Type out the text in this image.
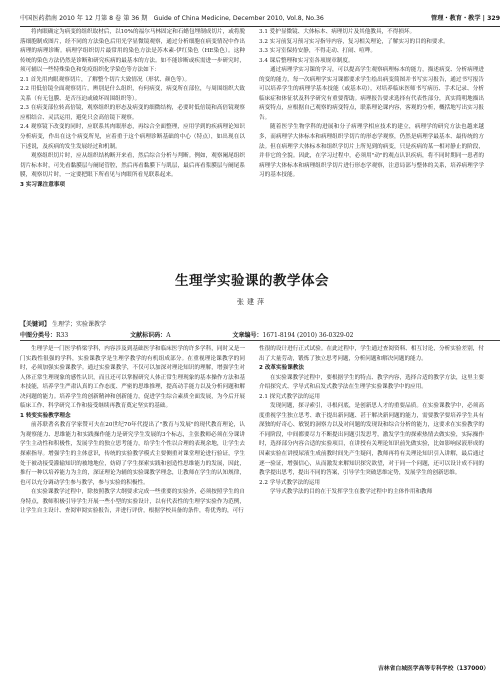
中国医药指南 2010 年 12 月第 8 卷 第 36 期　Guide of China Medicine, December 2010, Vol.8, No.36	管理・教育・教学 | 329

将肉眼确定为病变的组织取材后，以10%的福尔马林固定和石蜡包埋制成切片，或将脱落细胞制成图片，经不同的方法染色后用光学显微镜观察，通过分析细胞在病变情况中作出病理的病理诊断。病理学组织切片最常用的染色方法是苏木素-伊红染色（HE染色）。这种传统的染色方法仍然是诊断和研究疾病的最基本的方法。如不能诊断或疾需进一步研究时，须可辅以一些特殊染色和免疫组织化学染色等方法如下：

2.1 首先用肉眼观察切片，了解整个切片大致情况（形状、颜色等）。

2.2 用低倍镜全面观察切片，辨别是什么组织，有何病变，病变所在部位，与周围组织大致关系（有无包膜、是否压迫或破坏周围组织等）。

2.3 在病变部位转高倍镜，观察组织的形态及病变的细微结构，必要时低倍镜和高倍镜观察应相结合、灵活运用，避免只会高倍镜下观察。

2.4 观察镜下改变的同时，应联系其肉眼形态，再综合全面整理，应用学到的疾病理论知识分析病变，作出在这个病变所见，应着重于这个病理诊断基础的中心（特点），如出现在以下述说，及疾病的发生发展经过和机制。

观察组织切片时，应从组织结构断开来看，然后综合分析与判断。例如，观察阑尾组织切片标本时，可先看黏膜层与阑尾管腔，然后再看黏膜下与肌层，最后再看浆膜层与阑尾系膜，观察切片时，一定要把眼下所看见与肉眼所看见联系起来。

3 实习课注意事项

3.1 爱护显微镜、大体标本、病理切片及其他教具，不得损坏。

3.2 实习前复习预习实习指导内容，复习相关理论，了解实习的目的和要求。

3.3 实习室保持安静，不得走动、打闹、喧哗。

3.4 课后整理和实习室各项规章制度。

通过病理学实习课的学习，可以提高学生观察病理标本的能力，描述病变、分析病理进的变的能力，每一次病理学实习课都要求学生绘出病变简图并书写实习报告，通过书写报告可以培养学生的病理学基本技能（或基本功），对培养临床医师书写病历、手术记录、分析临床症和体征状及科学研究有重要帮助。病理报告要求选择有代表性部分，真实简明地描出病变特点，应根据自己观察的病变特点，联系理论课内容，客观的分析，概括地写出实习报告。

随着医学生物学科的进展和分子病理学相应技术的建立，病理学的研究方法也越来越多，而病理学大体标本和病理组织学切片的形态学观察，仍然是病理学最基本、最传统的方法。但在病理学大体标本和组织学切片上所见到的病变，只是疾病的某一相对静止的阶段，并非它的全貌。因此，在学习过程中，必须用"动"的观点认识疾病，将不同时期同一患者的病理学大体标本和病理组织学切片进行形态学观察，注意局部与整体的关系，培养病理学学习的基本技能。

生理学实验课的教学体会
张建萍
【关键词】 生理学；实验课教学
中图分类号：R33	文献标识码：A	文章编号：1671-8194 (2010) 36-0329-02

生理学是一门医学桥梁学科，内容涉及到基础医学和临床医学的许多学科，同时又是一门实践性很强的学科，实验课教学是生理学教学的有机组成部分。在重视理论课教学的同时，必须加强实验课教学。通过实验课教学，不仅可以加深对理论知识的理解，增强学生对人体正常生理现象的感性认识，而且还可以掌握研究人体正常生理现象的基本操作方法和基本技能，培养学生严肃认真的工作态度、严密的思维推理，提高动手能力以及分析问题和解决问题的能力。培养学生的创新精神和创新能力，促进学生综合素质全面发展，为今后开展临床工作、科学研究工作和接受继续再教育奠定坚实的基础。

1 转变实验教学理念

前苏联著名教育学家赞可夫在20世纪70年代提出了"教育与发展"的现代教育理论，认为观察能力、思维能力和实践操作能力是研究学生发展的3个标志，主张教师必须在分课讲学生主动性和积极性，发展学生的独立思考能力，给学生个性以合理的表现余地，让学生去探索指导。增强学生的主体意识，传统的实验教学模式主要侧重对课堂理论进行验证，学生处于被动接受灌输知识的被地地位，妨碍了学生探索实践和创造性思维能力的发展，因此，推行一种以培养能力为主的，深证理论为辅的实验课教学理念，让教师在学生的认知规律，也可以充分调动学生参与教学，参与实验的积极性。

在实验课教学过程中，除按照教学大纲要求完成一些重要的实验外，必须按照学生的自身特点，教师积极引导学生开展一些小型的实验设计，以有代表性的生理学实验作为范例，让学生自主设计、查阅审阅实验报告，并进行评价，根据学校具备的条件，将优秀的，可行

性很的设计进行正式试验。在此过程中，学生通过查阅资料、相互讨论，分析实验差别，付出了大量劳动，锻炼了独立思考问题，分析问题和解决问题的能力。

2 改革实验课教法

在实验课教学过程中，要根据学生的特点、教学内容，选择合适的教学方法，这里主要介绍探究式、学导式和启发式教学法在生理学实验课教学中的应用。

2.1 探究式教学法的运用

发现问题，探寻索引，寻根问底，是创新思人才的重要品质。在实验课教学中，必须高度重视学生独立思考、敢于提出新问题、甚于解决新问题的能力，需要教学要培养学生具有深独的好奇心、敏锐的洞察力以及对问题的发现设和综合分析的能力，这要求在实验教学的不同阶段，中间都要尽力不断提出问题引发思考，激发学生的探索热情去做实验，实际操作时，选择部分内容合适的实验项目，在讲授有关理论知识前先做实验，比如影响尿液形成的因素实验在讲授尿液生成前教时间先产生疑问，教师再将有关理论知识引入讲解，最后通过逐一验证，增强信心，从而激发来解知识探究欲望，对于同一个问题，还可以设计成不同的教学提出思考，提出不同的答案，引导学生突破思维定势，发展学生的创新思维。

2.2 学导式教学法的运用

学导式教学法的目的在于发挥学生在教学过程中的主体作用和教师

吉林省白城医学高等专科学校（137000）
